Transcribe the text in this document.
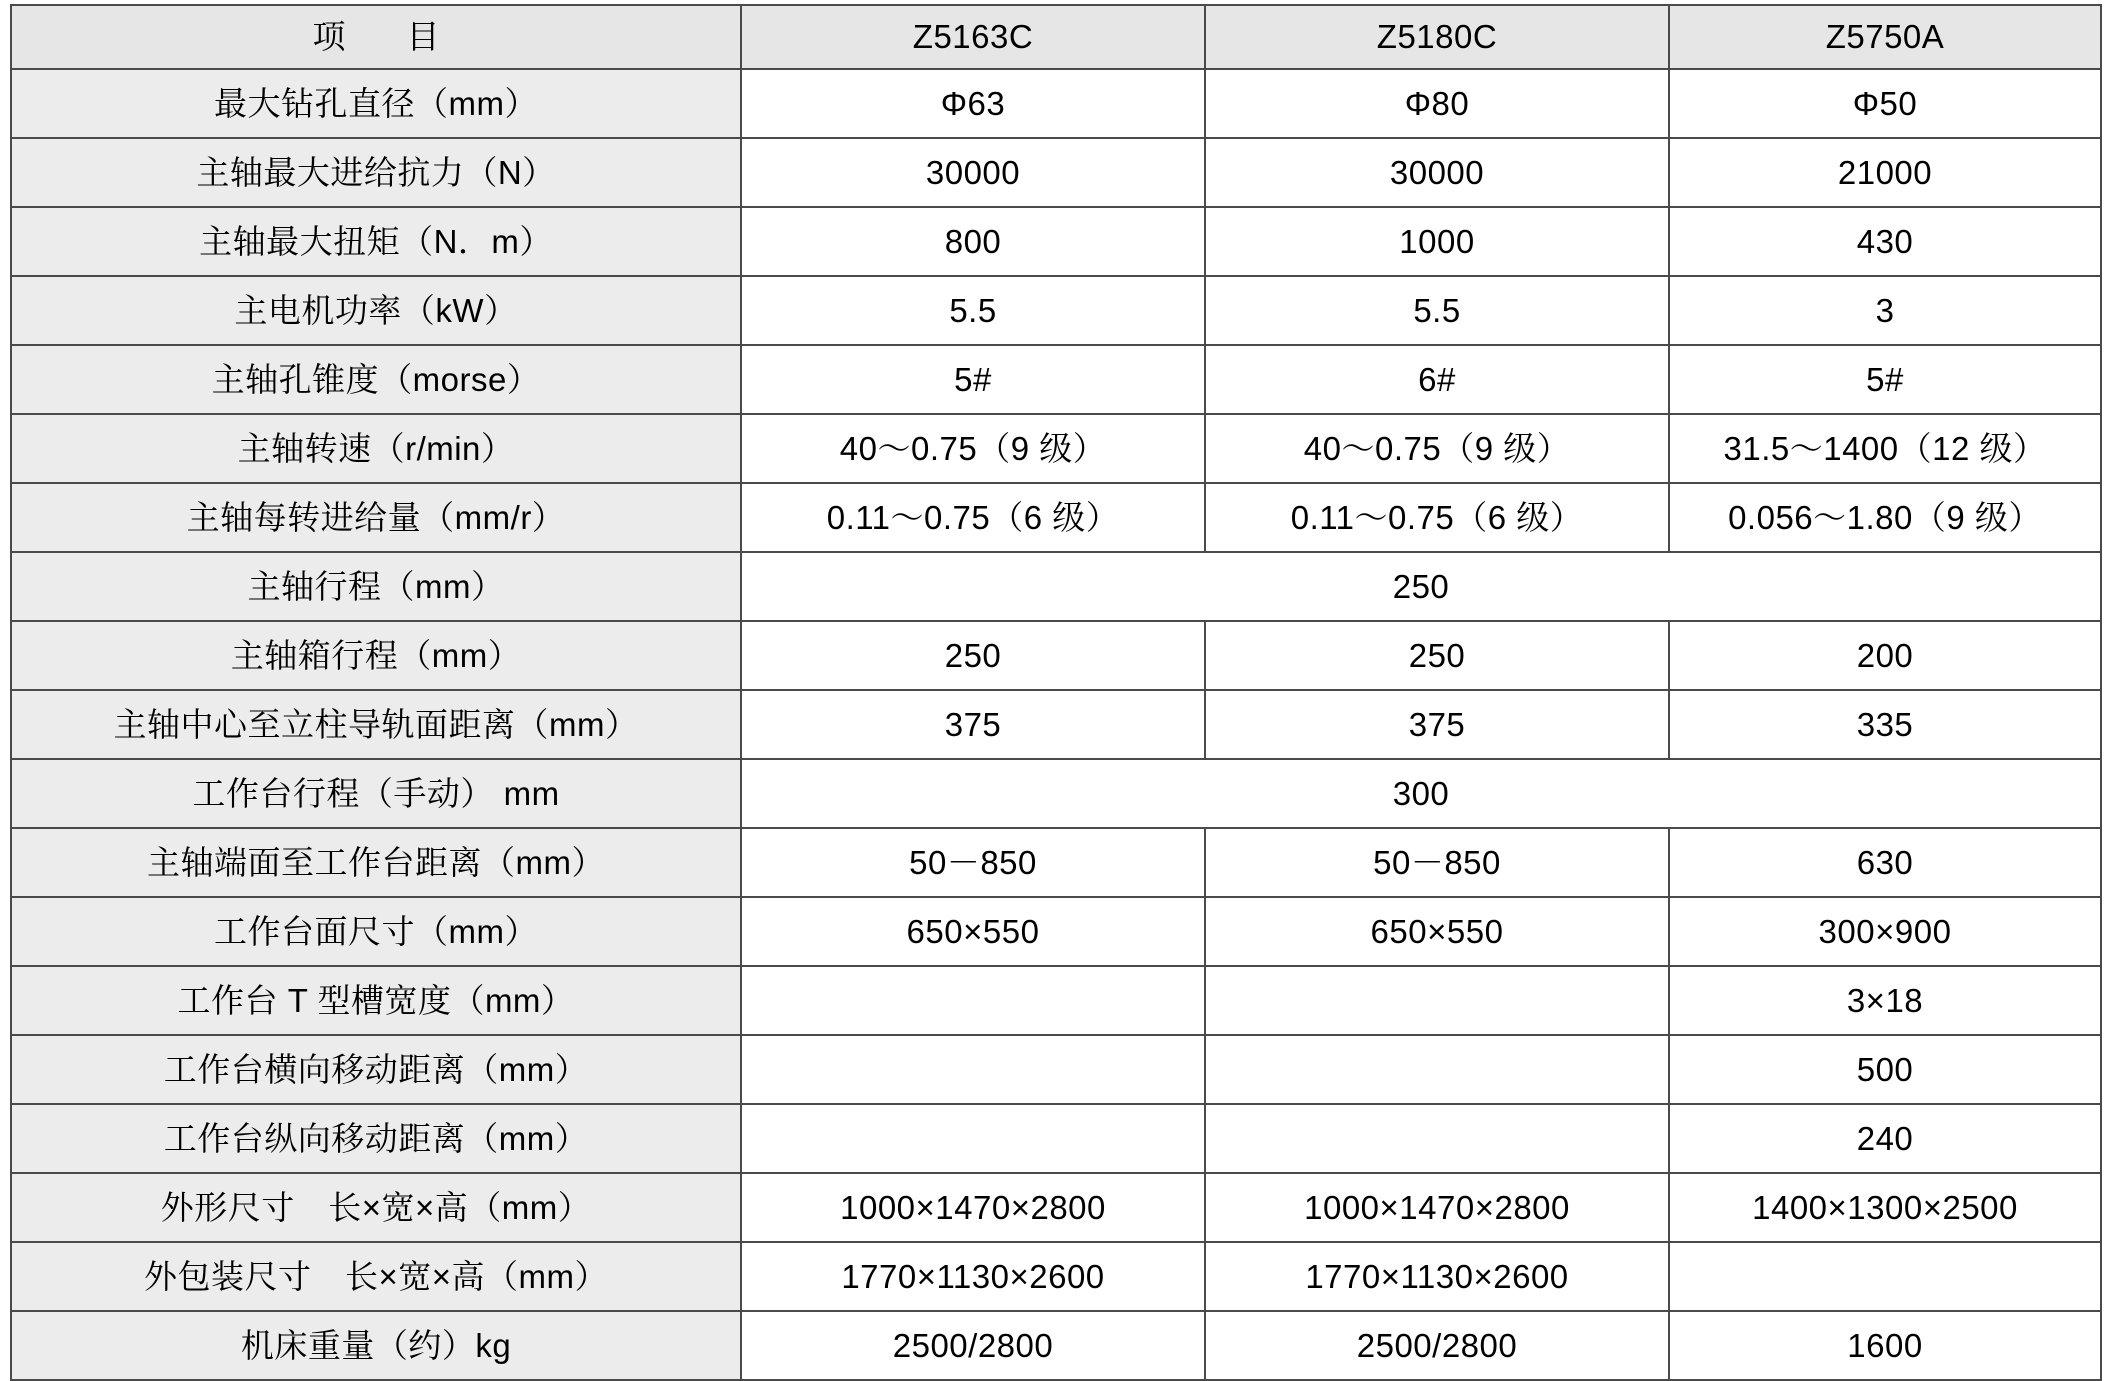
项　目	Z5163C	Z5180C	Z5750A
最大钻孔直径（mm）	Φ63	Φ80	Φ50
主轴最大进给抗力（N）	30000	30000	21000
主轴最大扭矩（N．m）	800	1000	430
主电机功率（kW）	5.5	5.5	3
主轴孔锥度（morse）	5#	6#	5#
主轴转速（r/min）	40～0.75（9 级）	40～0.75（9 级）	31.5～1400（12 级）
主轴每转进给量（mm/r）	0.11～0.75（6 级）	0.11～0.75（6 级）	0.056～1.80（9 级）
主轴行程（mm）	250		
主轴箱行程（mm）	250	250	200
主轴中心至立柱导轨面距离（mm）	375	375	335
工作台行程（手动） mm	300		
主轴端面至工作台距离（mm）	50－850	50－850	630
工作台面尺寸（mm）	650×550	650×550	300×900
工作台 T 型槽宽度（mm）			3×18
工作台横向移动距离（mm）			500
工作台纵向移动距离（mm）			240
外形尺寸　长×宽×高（mm）	1000×1470×2800	1000×1470×2800	1400×1300×2500
外包装尺寸　长×宽×高（mm）	1770×1130×2600	1770×1130×2600	
机床重量（约）kg	2500/2800	2500/2800	1600
